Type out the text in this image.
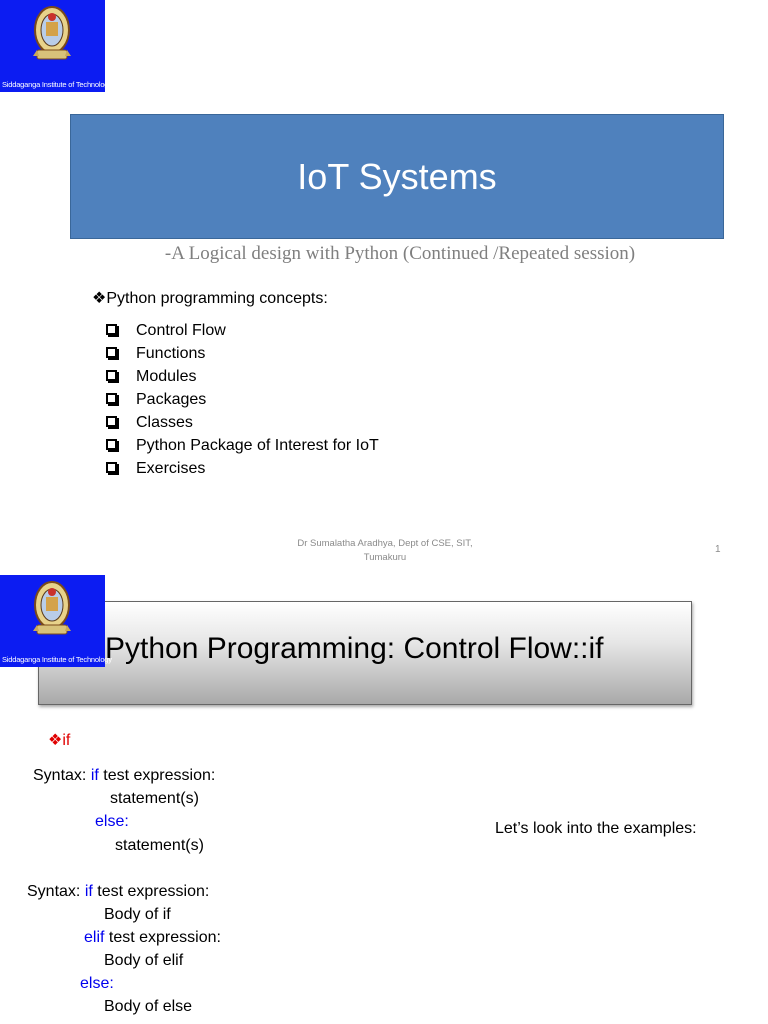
Siddaganga Institute of Technology
IoT Systems
-A Logical design with Python (Continued /Repeated session)
❖Python programming concepts:
Control Flow
Functions
Modules
Packages
Classes
Python Package of Interest for IoT
Exercises
Dr Sumalatha Aradhya, Dept of CSE, SIT,
Tumakuru
1
Python Programming: Control Flow::if
Siddaganga Institute of Technology
❖if
Syntax: if test expression:
statement(s)
else:
statement(s)
Let’s look into the examples:
Syntax: if test expression:
Body of if
elif test expression:
Body of elif
else:
Body of else
